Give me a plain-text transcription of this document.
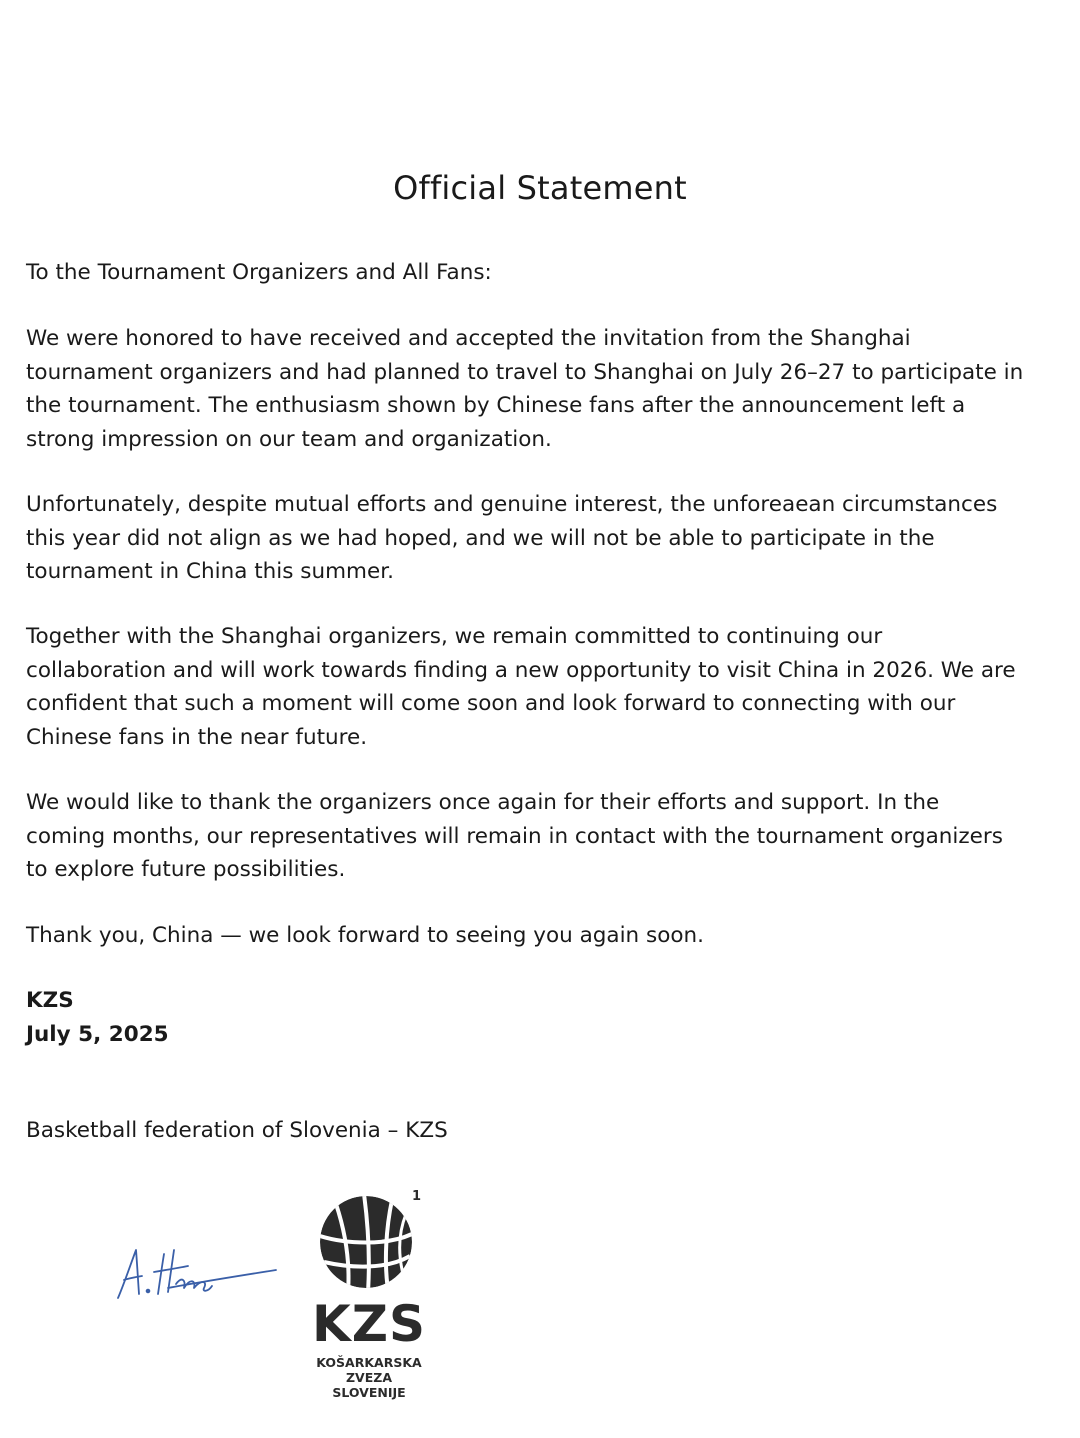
Official Statement

To the Tournament Organizers and All Fans:

We were honored to have received and accepted the invitation from the Shanghai
tournament organizers and had planned to travel to Shanghai on July 26–27 to participate in
the tournament. The enthusiasm shown by Chinese fans after the announcement left a
strong impression on our team and organization.

Unfortunately, despite mutual efforts and genuine interest, the unforeaean circumstances
this year did not align as we had hoped, and we will not be able to participate in the
tournament in China this summer.

Together with the Shanghai organizers, we remain committed to continuing our
collaboration and will work towards finding a new opportunity to visit China in 2026. We are
confident that such a moment will come soon and look forward to connecting with our
Chinese fans in the near future.

We would like to thank the organizers once again for their efforts and support. In the
coming months, our representatives will remain in contact with the tournament organizers
to explore future possibilities.

Thank you, China — we look forward to seeing you again soon.

KZS
July 5, 2025

Basketball federation of Slovenia – KZS

1
KZS
KOŠARKARSKA
ZVEZA
SLOVENIJE
